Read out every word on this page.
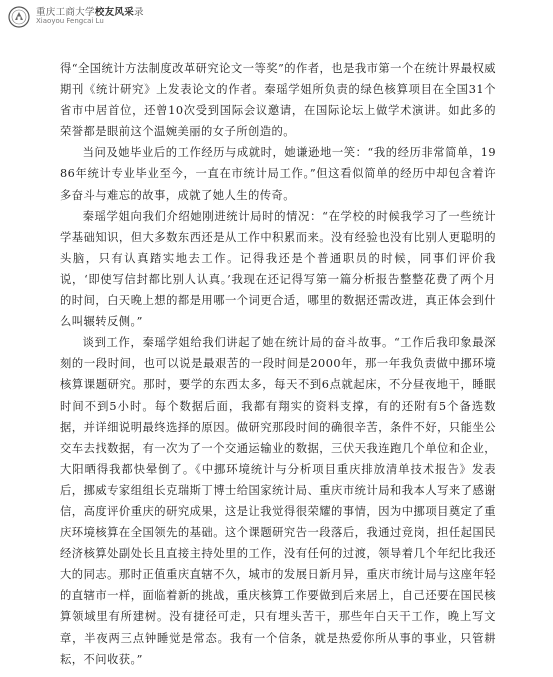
重庆工商大学校友风采录
Xiaoyou Fengcai Lu

得“全国统计方法制度改革研究论文一等奖”的作者，也是我市第一个在统计界最权威期刊《统计研究》上发表论文的作者。秦瑶学姐所负责的绿色核算项目在全国31个省市中居首位，还曾10次受到国际会议邀请，在国际论坛上做学术演讲。如此多的荣誉都是眼前这个温婉美丽的女子所创造的。

当问及她毕业后的工作经历与成就时，她谦逊地一笑：“我的经历非常简单，1986年统计专业毕业至今，一直在市统计局工作。”但这看似简单的经历中却包含着许多奋斗与难忘的故事，成就了她人生的传奇。

秦瑶学姐向我们介绍她刚进统计局时的情况：“在学校的时候我学习了一些统计学基础知识，但大多数东西还是从工作中积累而来。没有经验也没有比别人更聪明的头脑，只有认真踏实地去工作。记得我还是个普通职员的时候，同事们评价我说，‘即使写信封都比别人认真。’我现在还记得写第一篇分析报告整整花费了两个月的时间，白天晚上想的都是用哪一个词更合适，哪里的数据还需改进，真正体会到什么叫辗转反侧。”

谈到工作，秦瑶学姐给我们讲起了她在统计局的奋斗故事。“工作后我印象最深刻的一段时间，也可以说是最艰苦的一段时间是2000年，那一年我负责做中挪环境核算课题研究。那时，要学的东西太多，每天不到6点就起床，不分昼夜地干，睡眠时间不到5小时。每个数据后面，我都有翔实的资料支撑，有的还附有5个备选数据，并详细说明最终选择的原因。做研究那段时间的确很辛苦，条件不好，只能坐公交车去找数据，有一次为了一个交通运输业的数据，三伏天我连跑几个单位和企业，大阳晒得我都快晕倒了。《中挪环境统计与分析项目重庆排放清单技术报告》发表后，挪威专家组组长克瑞斯丁博士给国家统计局、重庆市统计局和我本人写来了感谢信，高度评价重庆的研究成果，这是让我觉得很荣耀的事情，因为中挪项目奠定了重庆环境核算在全国领先的基础。这个课题研究告一段落后，我通过竞岗，担任起国民经济核算处副处长且直接主持处里的工作，没有任何的过渡，领导着几个年纪比我还大的同志。那时正值重庆直辖不久，城市的发展日新月异，重庆市统计局与这座年轻的直辖市一样，面临着新的挑战，重庆核算工作要做到后来居上，自己还要在国民核算领域里有所建树。没有捷径可走，只有埋头苦干，那些年白天干工作，晚上写文章，半夜两三点钟睡觉是常态。我有一个信条，就是热爱你所从事的事业，只管耕耘，不问收获。”
